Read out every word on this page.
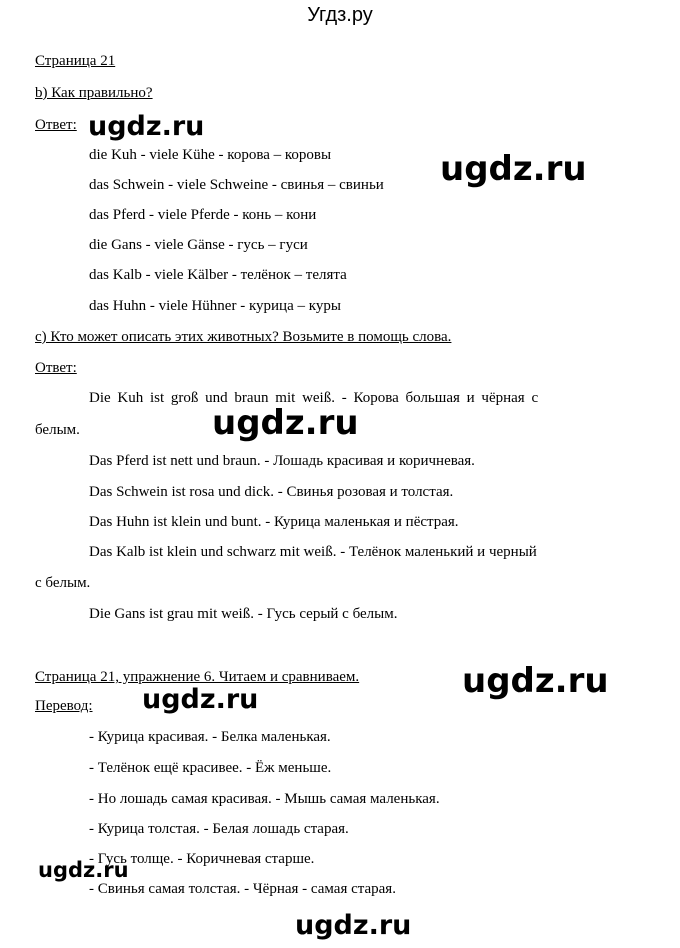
Угдз.ру
Страница 21
b) Как правильно?
Ответ:
die Kuh - viele Kühe - корова – коровы
das Schwein - viele Schweine - свинья – свиньи
das Pferd - viele Pferde - конь – кони
die Gans - viele Gänse - гусь – гуси
das Kalb - viele Kälber - телёнок – телята
das Huhn - viele Hühner - курица – куры
c) Кто может описать этих животных? Возьмите в помощь слова.
Ответ:
Die Kuh ist groß und braun mit weiß. - Корова большая и чёрная с
белым.
Das Pferd ist nett und braun. - Лошадь красивая и коричневая.
Das Schwein ist rosa und dick. - Свинья розовая и толстая.
Das Huhn ist klein und bunt. - Курица маленькая и пёстрая.
Das Kalb ist klein und schwarz mit weiß. - Телёнок маленький и черный
с белым.
Die Gans ist grau mit weiß. - Гусь серый с белым.
Страница 21, упражнение 6. Читаем и сравниваем.
Перевод:
- Курица красивая. - Белка маленькая.
- Телёнок ещё красивее. - Ёж меньше.
- Но лошадь самая красивая. - Мышь самая маленькая.
- Курица толстая. - Белая лошадь старая.
- Гусь толще. - Коричневая старше.
- Свинья самая толстая. - Чёрная - самая старая.
ugdz.ru
ugdz.ru
ugdz.ru
ugdz.ru
ugdz.ru
ugdz.ru
ugdz.ru
